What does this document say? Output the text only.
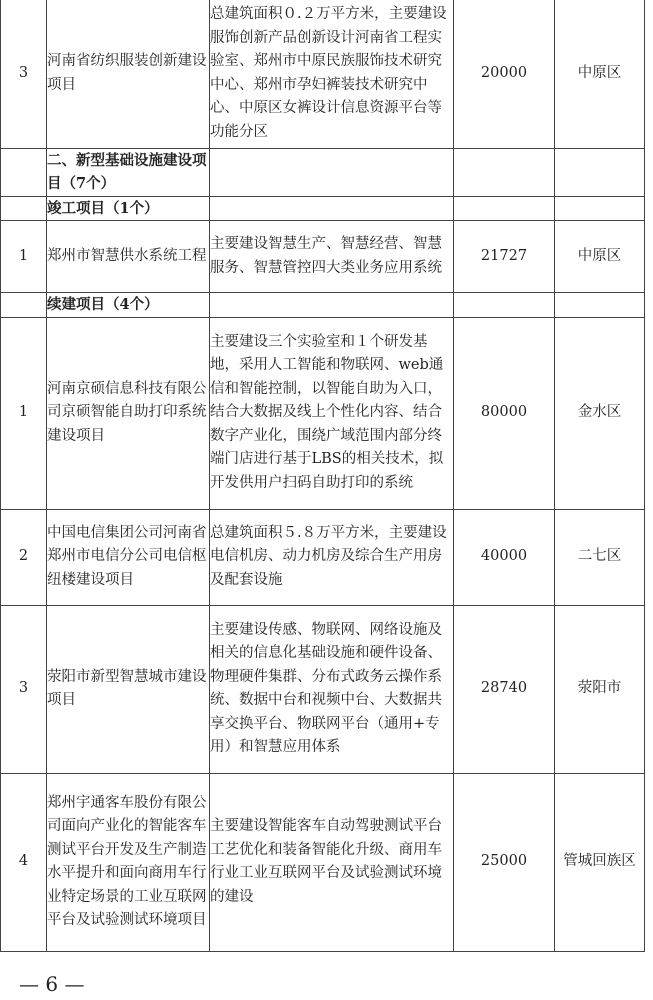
3	河南省纺织服装创新建设项目	总建筑面积０.２万平方米，主要建设服饰创新产品创新设计河南省工程实验室、郑州市中原民族服饰技术研究中心、郑州市孕妇裤装技术研究中心、中原区女裤设计信息资源平台等功能分区	20000	中原区
	二、新型基础设施建设项目（7个）			
	竣工项目（1个）			
1	郑州市智慧供水系统工程	主要建设智慧生产、智慧经营、智慧服务、智慧管控四大类业务应用系统	21727	中原区
	续建项目（4个）			
1	河南京硕信息科技有限公司京硕智能自助打印系统建设项目	主要建设三个实验室和１个研发基地，采用人工智能和物联网、web通信和智能控制，以智能自助为入口，结合大数据及线上个性化内容、结合数字产业化，围绕广域范围内部分终端门店进行基于LBS的相关技术，拟开发供用户扫码自助打印的系统	80000	金水区
2	中国电信集团公司河南省郑州市电信分公司电信枢纽楼建设项目	总建筑面积５.８万平方米，主要建设电信机房、动力机房及综合生产用房及配套设施	40000	二七区
3	荥阳市新型智慧城市建设项目	主要建设传感、物联网、网络设施及相关的信息化基础设施和硬件设备、物理硬件集群、分布式政务云操作系统、数据中台和视频中台、大数据共享交换平台、物联网平台（通用+专用）和智慧应用体系	28740	荥阳市
4	郑州宇通客车股份有限公司面向产业化的智能客车测试平台开发及生产制造水平提升和面向商用车行业特定场景的工业互联网平台及试验测试环境项目	主要建设智能客车自动驾驶测试平台工艺优化和装备智能化升级、商用车行业工业互联网平台及试验测试环境的建设	25000	管城回族区
— 6 —
